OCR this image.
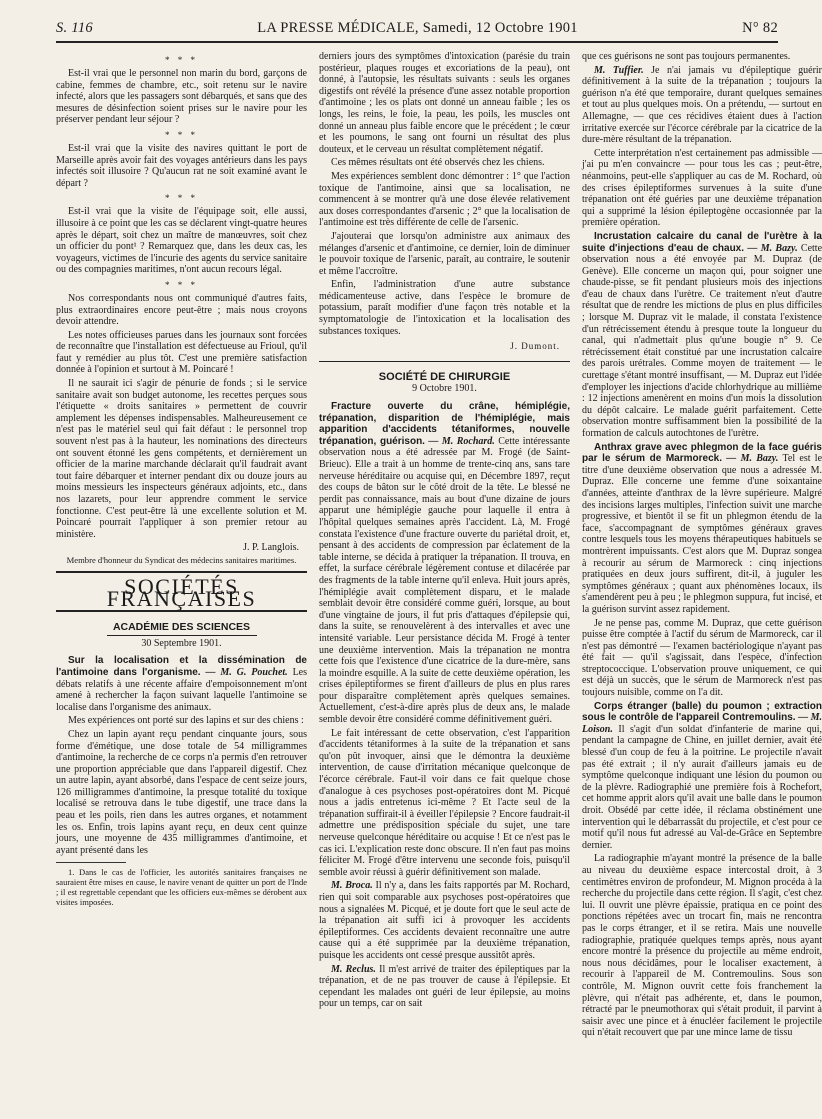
S. 116	LA PRESSE MÉDICALE, Samedi, 12 Octobre 1901	N° 82
* * *

Est-il vrai que le personnel non marin du bord, garçons de cabine, femmes de chambre, etc., soit retenu sur le navire infecté, alors que les passagers sont débarqués, et sans que des mesures de désinfection soient prises sur le navire pour les préserver pendant leur séjour ?

* * *

Est-il vrai que la visite des navires quittant le port de Marseille après avoir fait des voyages antérieurs dans les pays infectés soit illusoire ? Qu'aucun rat ne soit examiné avant le départ ?

* * *

Est-il vrai que la visite de l'équipage soit, elle aussi, illusoire à ce point que les cas se déclarent vingt-quatre heures après le départ, soit chez un maître de manœuvres, soit chez un officier du pont¹ ? Remarquez que, dans les deux cas, les voyageurs, victimes de l'incurie des agents du service sanitaire ou des compagnies maritimes, n'ont aucun recours légal.

* * *

Nos correspondants nous ont communiqué d'autres faits, plus extraordinaires encore peut-être ; mais nous croyons devoir attendre.

Les notes officieuses parues dans les journaux sont forcées de reconnaître que l'installation est défectueuse au Frioul, qu'il faut y remédier au plus tôt. C'est une première satisfaction donnée à l'opinion et surtout à M. Poincaré !

Il ne saurait ici s'agir de pénurie de fonds ; si le service sanitaire avait son budget autonome, les recettes perçues sous l'étiquette « droits sanitaires » permettent de couvrir amplement les dépenses indispensables. Malheureusement ce n'est pas le matériel seul qui fait défaut : le personnel trop souvent n'est pas à la hauteur, les nominations des directeurs ont souvent étonné les gens compétents, et dernièrement un officier de la marine marchande déclarait qu'il faudrait avant tout faire débarquer et interner pendant dix ou douze jours au moins messieurs les inspecteurs généraux adjoints, etc., dans nos lazarets, pour leur apprendre comment le service fonctionne. C'est peut-être là une excellente solution et M. Poincaré pourrait l'appliquer à son premier retour au ministère.

J. P. Langlois.
Membre d'honneur du Syndicat des médecins sanitaires maritimes.
SOCIÉTÉS FRANÇAISES
ACADÉMIE DES SCIENCES
30 Septembre 1901.

Sur la localisation et la dissémination de l'antimoine dans l'organisme. — M. G. Pouchet. Les débats relatifs à une récente affaire d'empoisonnement m'ont amené à rechercher la façon suivant laquelle l'antimoine se localise dans l'organisme des animaux.

Mes expériences ont porté sur des lapins et sur des chiens :

Chez un lapin ayant reçu pendant cinquante jours, sous forme d'émétique, une dose totale de 54 milligrammes d'antimoine, la recherche de ce corps n'a permis d'en retrouver une proportion appréciable que dans l'appareil digestif. Chez un autre lapin, ayant absorbé, dans l'espace de cent seize jours, 126 milligrammes d'antimoine, la presque totalité du toxique localisé se retrouva dans le tube digestif, une trace dans la peau et les poils, rien dans les autres organes, et notamment les os. Enfin, trois lapins ayant reçu, en deux cent quinze jours, une moyenne de 435 milligrammes d'antimoine, et ayant présenté dans les

1. Dans le cas de l'officier, les autorités sanitaires françaises ne sauraient être mises en cause, le navire venant de quitter un port de l'Inde ; il est regrettable cependant que les officiers eux-mêmes se dérobent aux visites imposées.

derniers jours des symptômes d'intoxication (parésie du train postérieur, plaques rouges et excoriations de la peau), ont donné, à l'autopsie, les résultats suivants : seuls les organes digestifs ont révélé la présence d'une assez notable proportion d'antimoine ; les os plats ont donné un anneau faible ; les os longs, les reins, le foie, la peau, les poils, les muscles ont donné un anneau plus faible encore que le précédent ; le cœur et les poumons, le sang ont fourni un résultat des plus douteux, et le cerveau un résultat complètement négatif.

Ces mêmes résultats ont été observés chez les chiens.

Mes expériences semblent donc démontrer : 1° que l'action toxique de l'antimoine, ainsi que sa localisation, ne commencent à se montrer qu'à une dose élevée relativement aux doses correspondantes d'arsenic ; 2° que la localisation de l'antimoine est très différente de celle de l'arsenic.

J'ajouterai que lorsqu'on administre aux animaux des mélanges d'arsenic et d'antimoine, ce dernier, loin de diminuer le pouvoir toxique de l'arsenic, paraît, au contraire, le soutenir et même l'accroître.

Enfin, l'administration d'une autre substance médicamenteuse active, dans l'espèce le bromure de potassium, paraît modifier d'une façon très notable et la symptomatologie de l'intoxication et la localisation des substances toxiques.

J. Dumont.
SOCIÉTÉ DE CHIRURGIE
9 Octobre 1901.

Fracture ouverte du crâne, hémiplégie, trépanation, disparition de l'hémiplégie, mais apparition d'accidents tétaniformes, nouvelle trépanation, guérison. — M. Rochard. Cette intéressante observation nous a été adressée par M. Frogé (de Saint-Brieuc). Elle a trait à un homme de trente-cinq ans, sans tare nerveuse héréditaire ou acquise qui, en Décembre 1897, reçut des coups de bâton sur le côté droit de la tête. Le blessé ne perdit pas connaissance, mais au bout d'une dizaine de jours apparut une hémiplégie gauche pour laquelle il entra à l'hôpital quelques semaines après l'accident. Là, M. Frogé constata l'existence d'une fracture ouverte du pariétal droit, et, pensant à des accidents de compression par éclatement de la table interne, se décida à pratiquer la trépanation. Il trouva, en effet, la surface cérébrale légèrement contuse et dilacérée par des fragments de la table interne qu'il enleva. Huit jours après, l'hémiplégie avait complètement disparu, et le malade semblait devoir être considéré comme guéri, lorsque, au bout d'une vingtaine de jours, il fut pris d'attaques d'épilepsie qui, dans la suite, se renouvelèrent à des intervalles et avec une intensité variable. Leur persistance décida M. Frogé à tenter une deuxième intervention. Mais la trépanation ne montra cette fois que l'existence d'une cicatrice de la dure-mère, sans la moindre esquille. A la suite de cette deuxième opération, les crises épileptiformes se firent d'ailleurs de plus en plus rares pour disparaître complètement après quelques semaines. Actuellement, c'est-à-dire après plus de deux ans, le malade semble devoir être considéré comme définitivement guéri.

Le fait intéressant de cette observation, c'est l'apparition d'accidents tétaniformes à la suite de la trépanation et sans qu'on pût invoquer, ainsi que le démontra la deuxième intervention, de cause d'irritation mécanique quelconque de l'écorce cérébrale. Faut-il voir dans ce fait quelque chose d'analogue à ces psychoses post-opératoires dont M. Picqué nous a jadis entretenus ici-même ? Et l'acte seul de la trépanation suffirait-il à éveiller l'épilepsie ? Encore faudrait-il admettre une prédisposition spéciale du sujet, une tare nerveuse quelconque héréditaire ou acquise ! Et ce n'est pas le cas ici. L'explication reste donc obscure. Il n'en faut pas moins féliciter M. Frogé d'être intervenu une seconde fois, puisqu'il semble avoir réussi à guérir définitivement son malade.

M. Broca. Il n'y a, dans les faits rapportés par M. Rochard, rien qui soit comparable aux psychoses post-opératoires que nous a signalées M. Picqué, et je doute fort que le seul acte de la trépanation ait suffi ici à provoquer les accidents épileptiformes. Ces accidents devaient reconnaître une autre cause qui a été supprimée par la deuxième trépanation, puisque les accidents ont cessé presque aussitôt après.

M. Reclus. Il m'est arrivé de traiter des épileptiques par la trépanation, et de ne pas trouver de cause à l'épilepsie. Et cependant les malades ont guéri de leur épilepsie, au moins pour un temps, car on sait

que ces guérisons ne sont pas toujours permanentes.

M. Tuffier. Je n'ai jamais vu d'épileptique guérir définitivement à la suite de la trépanation ; toujours la guérison n'a été que temporaire, durant quelques semaines et tout au plus quelques mois. On a prétendu, — surtout en Allemagne, — que ces récidives étaient dues à l'action irritative exercée sur l'écorce cérébrale par la cicatrice de la dure-mère résultant de la trépanation.

Cette interprétation n'est certainement pas admissible — j'ai pu m'en convaincre — pour tous les cas ; peut-être, néanmoins, peut-elle s'appliquer au cas de M. Rochard, où des crises épileptiformes survenues à la suite d'une trépanation ont été guéries par une deuxième trépanation qui a supprimé la lésion épileptogène occasionnée par la première opération.

Incrustation calcaire du canal de l'urètre à la suite d'injections d'eau de chaux. — M. Bazy. Cette observation nous a été envoyée par M. Dupraz (de Genève). Elle concerne un maçon qui, pour soigner une chaude-pisse, se fit pendant plusieurs mois des injections d'eau de chaux dans l'urètre. Ce traitement n'eut d'autre résultat que de rendre les mictions de plus en plus difficiles ; lorsque M. Dupraz vit le malade, il constata l'existence d'un rétrécissement étendu à presque toute la longueur du canal, qui n'admettait plus qu'une bougie n° 9. Ce rétrécissement était constitué par une incrustation calcaire des parois urétrales. Comme moyen de traitement — le curettage s'étant montré insuffisant, — M. Dupraz eut l'idée d'employer les injections d'acide chlorhydrique au millième : 12 injections amenèrent en moins d'un mois la dissolution du dépôt calcaire. Le malade guérit parfaitement. Cette observation montre suffisamment bien la possibilité de la formation de calculs autochtones de l'urètre.

Anthrax grave avec phlegmon de la face guéris par le sérum de Marmoreck. — M. Bazy. Tel est le titre d'une deuxième observation que nous a adressée M. Dupraz. Elle concerne une femme d'une soixantaine d'années, atteinte d'anthrax de la lèvre supérieure. Malgré des incisions larges multiples, l'infection suivit une marche progressive, et bientôt il se fit un phlegmon étendu de la face, s'accompagnant de symptômes généraux graves contre lesquels tous les moyens thérapeutiques habituels se montrèrent impuissants. C'est alors que M. Dupraz songea à recourir au sérum de Marmoreck : cinq injections pratiquées en deux jours suffirent, dit-il, à juguler les symptômes généraux ; quant aux phénomènes locaux, ils s'amendèrent peu à peu ; le phlegmon suppura, fut incisé, et la guérison survint assez rapidement.

Je ne pense pas, comme M. Dupraz, que cette guérison puisse être comptée à l'actif du sérum de Marmoreck, car il n'est pas démontré — l'examen bactériologique n'ayant pas été fait — qu'il s'agissait, dans l'espèce, d'infection streptococcique. L'observation prouve uniquement, ce qui est déjà un succès, que le sérum de Marmoreck n'est pas toujours nuisible, comme on l'a dit.

Corps étranger (balle) du poumon ; extraction sous le contrôle de l'appareil Contremoulins. — M. Loison. Il s'agit d'un soldat d'infanterie de marine qui, pendant la campagne de Chine, en juillet dernier, avait été blessé d'un coup de feu à la poitrine. Le projectile n'avait pas été extrait ; il n'y aurait d'ailleurs jamais eu de symptôme quelconque indiquant une lésion du poumon ou de la plèvre. Radiographié une première fois à Rochefort, cet homme apprit alors qu'il avait une balle dans le poumon droit. Obsédé par cette idée, il réclama obstinément une intervention qui le débarrassât du projectile, et c'est pour ce motif qu'il nous fut adressé au Val-de-Grâce en Septembre dernier.

La radiographie m'ayant montré la présence de la balle au niveau du deuxième espace intercostal droit, à 3 centimètres environ de profondeur, M. Mignon procéda à la recherche du projectile dans cette région. Il s'agit, c'est chez lui. Il ouvrit une plèvre épaissie, pratiqua en ce point des ponctions répétées avec un trocart fin, mais ne rencontra pas le corps étranger, et il se retira. Mais une nouvelle radiographie, pratiquée quelques temps après, nous ayant encore montré la présence du projectile au même endroit, nous nous décidâmes, pour le localiser exactement, à recourir à l'appareil de M. Contremoulins. Sous son contrôle, M. Mignon ouvrit cette fois franchement la plèvre, qui n'était pas adhérente, et, dans le poumon, rétracté par le pneumothorax qui s'était produit, il parvint à saisir avec une pince et à énucléer facilement le projectile qui n'était recouvert que par une mince lame de tissu
